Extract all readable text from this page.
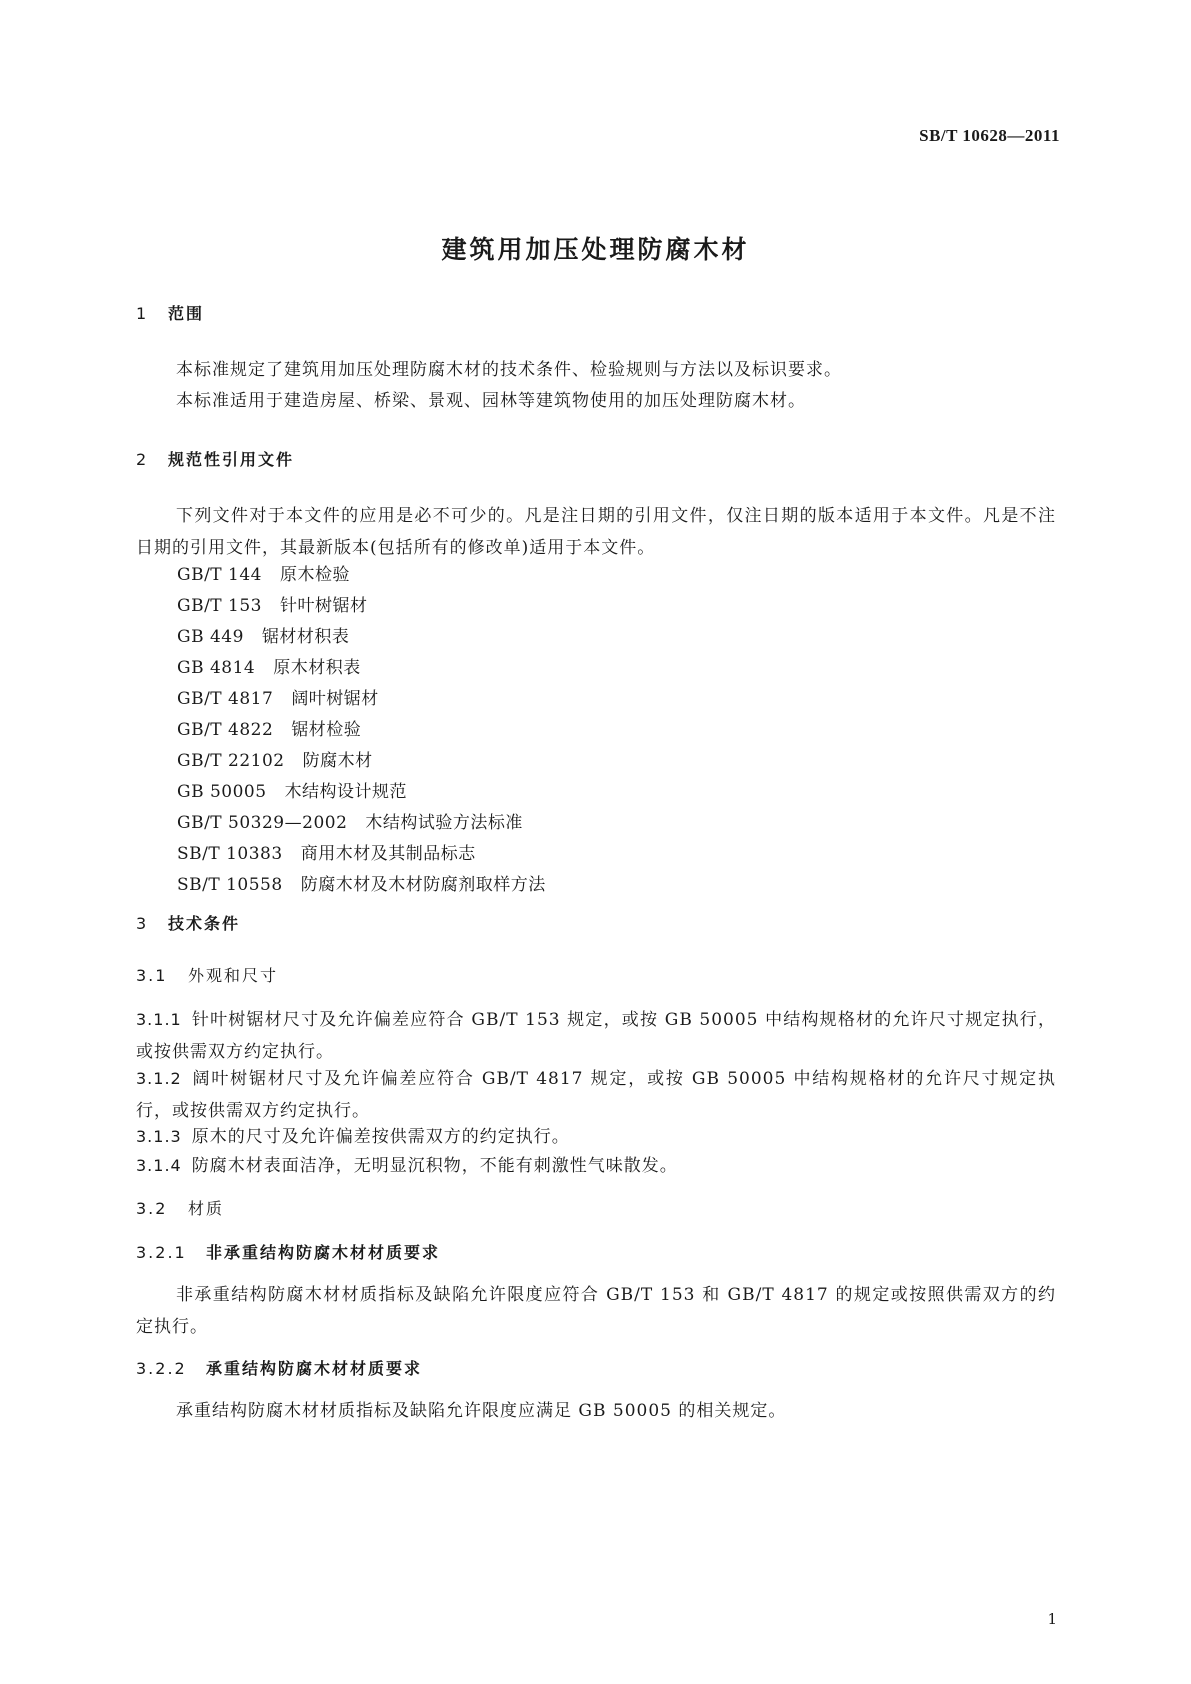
SB/T 10628—2011
建筑用加压处理防腐木材
1 范围
本标准规定了建筑用加压处理防腐木材的技术条件、检验规则与方法以及标识要求。
本标准适用于建造房屋、桥梁、景观、园林等建筑物使用的加压处理防腐木材。
2 规范性引用文件
下列文件对于本文件的应用是必不可少的。凡是注日期的引用文件，仅注日期的版本适用于本文件。凡是不注日期的引用文件，其最新版本(包括所有的修改单)适用于本文件。
GB/T 144 原木检验
GB/T 153 针叶树锯材
GB 449 锯材材积表
GB 4814 原木材积表
GB/T 4817 阔叶树锯材
GB/T 4822 锯材检验
GB/T 22102 防腐木材
GB 50005 木结构设计规范
GB/T 50329—2002 木结构试验方法标准
SB/T 10383 商用木材及其制品标志
SB/T 10558 防腐木材及木材防腐剂取样方法
3 技术条件
3.1 外观和尺寸
3.1.1 针叶树锯材尺寸及允许偏差应符合 GB/T 153 规定，或按 GB 50005 中结构规格材的允许尺寸规定执行，或按供需双方约定执行。
3.1.2 阔叶树锯材尺寸及允许偏差应符合 GB/T 4817 规定，或按 GB 50005 中结构规格材的允许尺寸规定执行，或按供需双方约定执行。
3.1.3 原木的尺寸及允许偏差按供需双方的约定执行。
3.1.4 防腐木材表面洁净，无明显沉积物，不能有刺激性气味散发。
3.2 材质
3.2.1 非承重结构防腐木材材质要求
非承重结构防腐木材材质指标及缺陷允许限度应符合 GB/T 153 和 GB/T 4817 的规定或按照供需双方的约定执行。
3.2.2 承重结构防腐木材材质要求
承重结构防腐木材材质指标及缺陷允许限度应满足 GB 50005 的相关规定。
1
